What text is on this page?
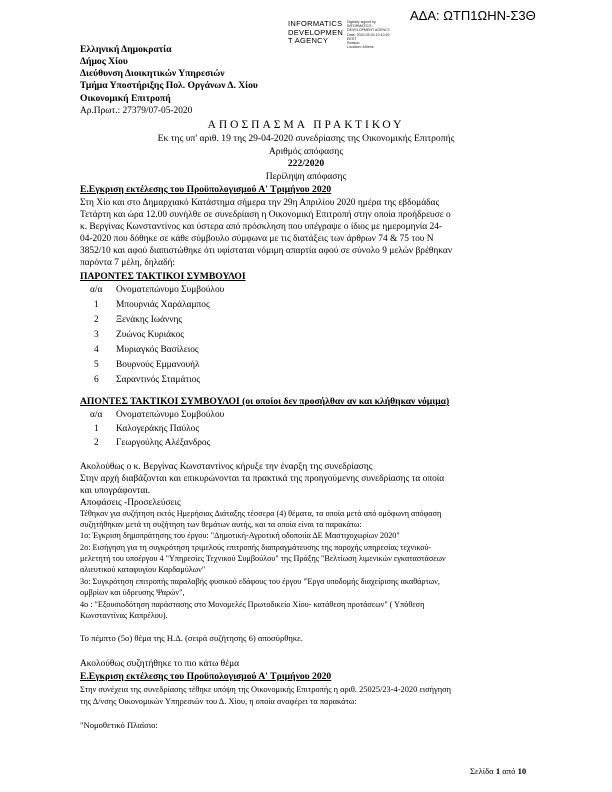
ΑΔΑ: ΩΤΠ1ΩΗΝ-Σ3Θ
INFORMATICS
DEVELOPMEN
T AGENCY
Digitally signed by
INFORMATICS
DEVELOPMENT AGENCY
Date: 2020.05.04 10:10:52
EEST
Reason:
Location: Athens
Ελληνική Δημοκρατία
Δήμος Χίου
Διεύθυνση Διοικητικών Υπηρεσιών
Τμήμα Υποστήριξης Πολ. Οργάνων Δ. Χίου
Οικονομική Επιτροπή
Αρ.Πρωτ.: 27379/07-05-2020
ΑΠΟΣΠΑΣΜΑ ΠΡΑΚΤΙΚΟΥ
Εκ της υπ' αριθ. 19 της 29-04-2020 συνεδρίασης της Οικονομικής Επιτροπής
Αριθμός απόφασης
222/2020
Περίληψη απόφασης
Ε.Εγκριση εκτέλεσης του Προϋπολογισμού Α' Τριμήνου 2020
Στη Χίο και στο Δημαρχιακό Κατάστημα σήμερα την 29η Απριλίου 2020 ημέρα της εβδομάδας
Τετάρτη και ώρα 12.00 συνήλθε σε συνεδρίαση η Οικονομική Επιτροπή στην οποία προήδρευσε ο
κ. Βεργίνας Κωνσταντίνος και ύστερα από πρόσκληση που υπέγραψε ο ίδιος με ημερομηνία 24-
04-2020 που δόθηκε σε κάθε σύμβουλο σύμφωνα με τις διατάξεις των άρθρων 74 & 75 του Ν
3852/10 και αφού διαπιστώθηκε ότι υφίσταται νόμιμη απαρτία αφού σε σύνολο 9 μελών βρέθηκαν
παρόντα 7 μέλη, δηλαδή:
ΠΑΡΟΝΤΕΣ ΤΑΚΤΙΚΟΙ ΣΥΜΒΟΥΛΟΙ
α/α Ονοματεπώνυμο Συμβούλου
1 Μπουρνιάς Χαράλαμπος
2 Ξενάκης Ιωάννης
3 Ζυώνος Κυριάκος
4 Μυριαγκός Βασίλειος
5 Βουρνούς Εμμανουήλ
6 Σαραντινός Σταμάτιος
ΑΠΟΝΤΕΣ ΤΑΚΤΙΚΟΙ ΣΥΜΒΟΥΛΟΙ (οι οποίοι δεν προσήλθαν αν και κλήθηκαν νόμιμα)
α/α Ονοματεπώνυμο Συμβούλου
1 Καλογεράκης Παύλος
2 Γεωργούλης Αλέξανδρος
Ακολούθως ο κ. Βεργίνας Κωνσταντίνος κήρυξε την έναρξη της συνεδρίασης
Στην αρχή διαβάζονται και επικυρώνονται τα πρακτικά της προηγούμενης συνεδρίασης τα οποία
και υπογράφονται.
Αποφάσεις -Προσελεύσεις
Τέθηκαν για συζήτηση εκτός Ημερήσιας Διάταξης τέσσερα (4) θέματα, τα οποία μετά από ομόφωνη απόφαση
συζητήθηκαν μετά τη συζήτηση των θεμάτων αυτής, και τα οποία είναι τα παρακάτω:
1ο: Έγκριση δημοπράτησης του έργου: "Δημοτική-Αγροτική οδοποιία ΔΕ Μαστιχοχωρίων 2020"
2ο: Εισήγηση για τη συγκρότηση τριμελούς επιτροπής διαπραγμάτευσης της παροχής υπηρεσίας τεχνικού-
μελετητή του υποέργου 4 "Υπηρεσίες Τεχνικού Συμβούλου" της Πράξης "Βελτίωση λιμενικών εγκαταστάσεων
αλιευτικού καταφυγίου Καρδαμύλων"
3ο: Συγκρότηση επιτροπής παραλαβής φυσικού εδάφους του έργου "Έργα υποδομής διαχείρισης ακαθάρτων,
ομβρίων και ύδρευσης Ψαρών",
4ο : "Εξουσιοδότηση παράστασης στο Μονομελές Πρωτοδικείο Χίου- κατάθεση προτάσεων" ( Υπόθεση
Κωνσταντίνας Καπρέλου).
Το πέμπτο (5ο) θέμα της Η.Δ. (σειρά συζήτησης 6) αποσύρθηκε.
Ακολούθως συζητήθηκε το πιο κάτω θέμα
Ε.Εγκριση εκτέλεσης του Προϋπολογισμού Α' Τριμήνου 2020
Στην συνέχεια της συνεδρίασης τέθηκε υπόψη της Οικονομικής Επιτροπής η αριθ. 25025/23-4-2020 εισήγηση
της Δ/νσης Οικονομικών Υπηρεσιών του Δ. Χίου, η οποία αναφέρει τα παρακάτω:
"Νομοθετικό Πλαίσιο:
Σελίδα 1 από 10
